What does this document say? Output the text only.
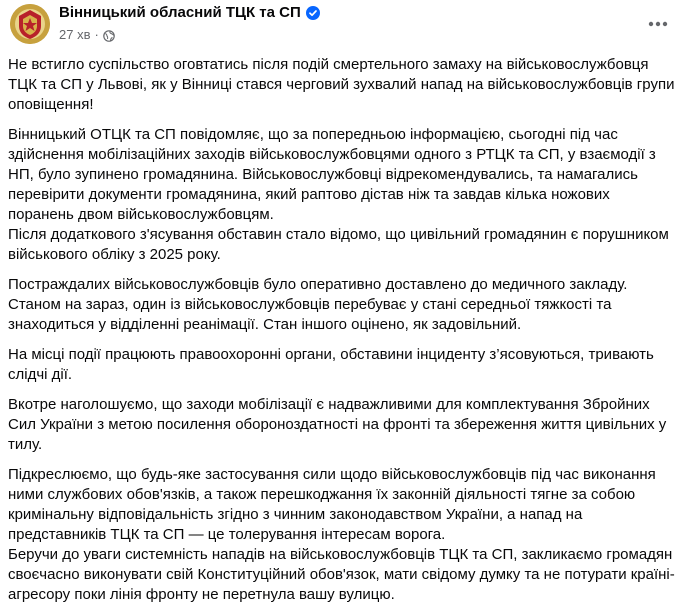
Вінницький обласний ТЦК та СП
27 хв ·

Не встигло суспільство оговтатись після подій смертельного замаху на військовослужбовця ТЦК та СП у Львові, як у Вінниці стався черговий зухвалий напад на військовослужбовців групи оповіщення!

Вінницький ОТЦК та СП повідомляє, що за попередньою інформацією, сьогодні під час здійснення мобілізаційних заходів військовослужбовцями одного з РТЦК та СП, у взаємодії з НП, було зупинено громадянина. Військовослужбовці відрекомендувались, та намагались перевірити документи громадянина, який раптово дістав ніж та завдав кілька ножових поранень двом військовослужбовцям.
Після додаткового з'ясування обставин стало відомо, що цивільний громадянин є порушником військового обліку з 2025 року.

Постраждалих військовослужбовців було оперативно доставлено до медичного закладу. Станом на зараз, один із військовослужбовців перебуває у стані середньої тяжкості та знаходиться у відділенні реанімації. Стан іншого оцінено, як задовільний.

На місці події працюють правоохоронні органи, обставини інциденту з’ясовуються, тривають слідчі дії.

Вкотре наголошуємо, що заходи мобілізації є надважливими для комплектування Збройних Сил України з метою посилення обороноздатності на фронті та збереження життя цивільних у тилу.

Підкреслюємо, що будь-яке застосування сили щодо військовослужбовців під час виконання ними службових обов'язків, а також перешкоджання їх законній діяльності тягне за собою кримінальну відповідальність згідно з чинним законодавством України, а напад на представників ТЦК та СП — це толерування інтересам ворога.
Беручи до уваги системність нападів на військовослужбовців ТЦК та СП, закликаємо громадян своєчасно виконувати свій Конституційний обов'язок, мати свідому думку та не потурати країні-агресору поки лінія фронту не перетнула вашу вулицю.
